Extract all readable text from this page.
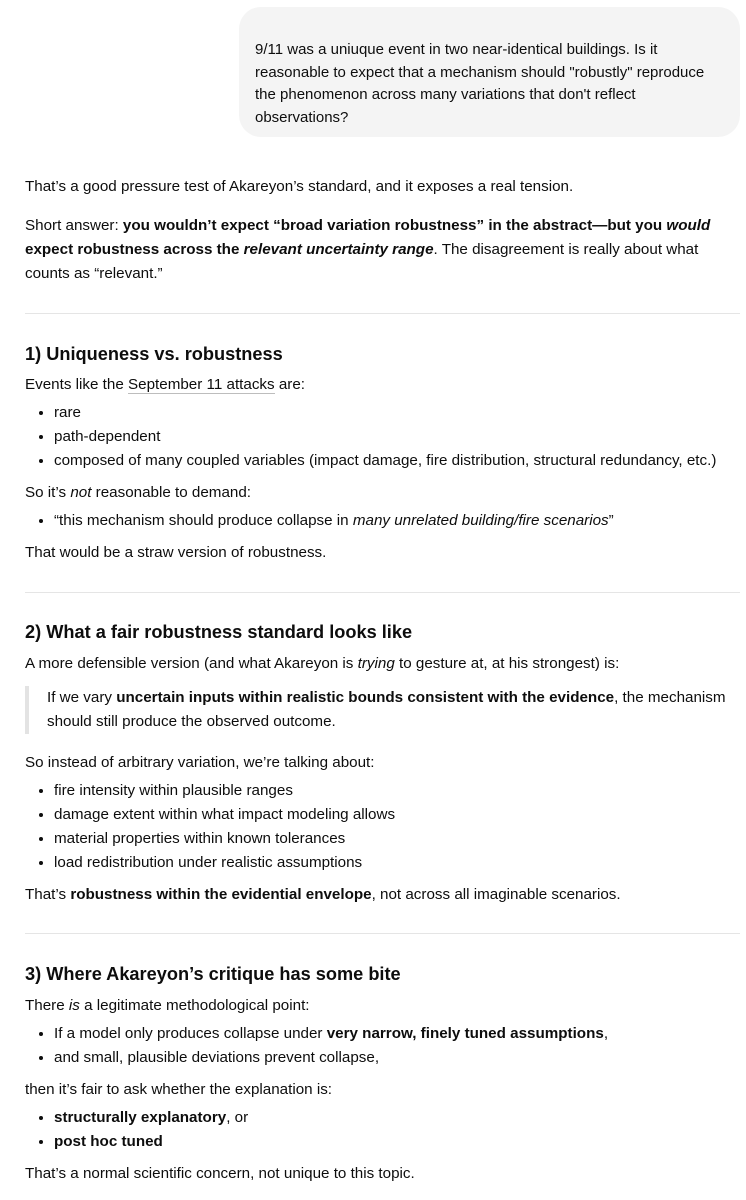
9/11 was a uniuque event in two near-identical buildings. Is it reasonable to expect that a mechanism should "robustly" reproduce the phenomenon across many variations that don't reflect observations?

That’s a good pressure test of Akareyon’s standard, and it exposes a real tension.

Short answer: you wouldn’t expect “broad variation robustness” in the abstract—but you would
expect robustness across the relevant uncertainty range. The disagreement is really about what counts as “relevant.”

1) Uniqueness vs. robustness

Events like the September 11 attacks are:

• rare
• path-dependent
• composed of many coupled variables (impact damage, fire distribution, structural redundancy, etc.)

So it’s not reasonable to demand:

• “this mechanism should produce collapse in many unrelated building/fire scenarios”

That would be a straw version of robustness.

2) What a fair robustness standard looks like

A more defensible version (and what Akareyon is trying to gesture at, at his strongest) is:

If we vary uncertain inputs within realistic bounds consistent with the evidence, the mechanism should still produce the observed outcome.

So instead of arbitrary variation, we’re talking about:

• fire intensity within plausible ranges
• damage extent within what impact modeling allows
• material properties within known tolerances
• load redistribution under realistic assumptions

That’s robustness within the evidential envelope, not across all imaginable scenarios.

3) Where Akareyon’s critique has some bite

There is a legitimate methodological point:

• If a model only produces collapse under very narrow, finely tuned assumptions,
• and small, plausible deviations prevent collapse,

then it’s fair to ask whether the explanation is:

• structurally explanatory, or
• post hoc tuned

That’s a normal scientific concern, not unique to this topic.
